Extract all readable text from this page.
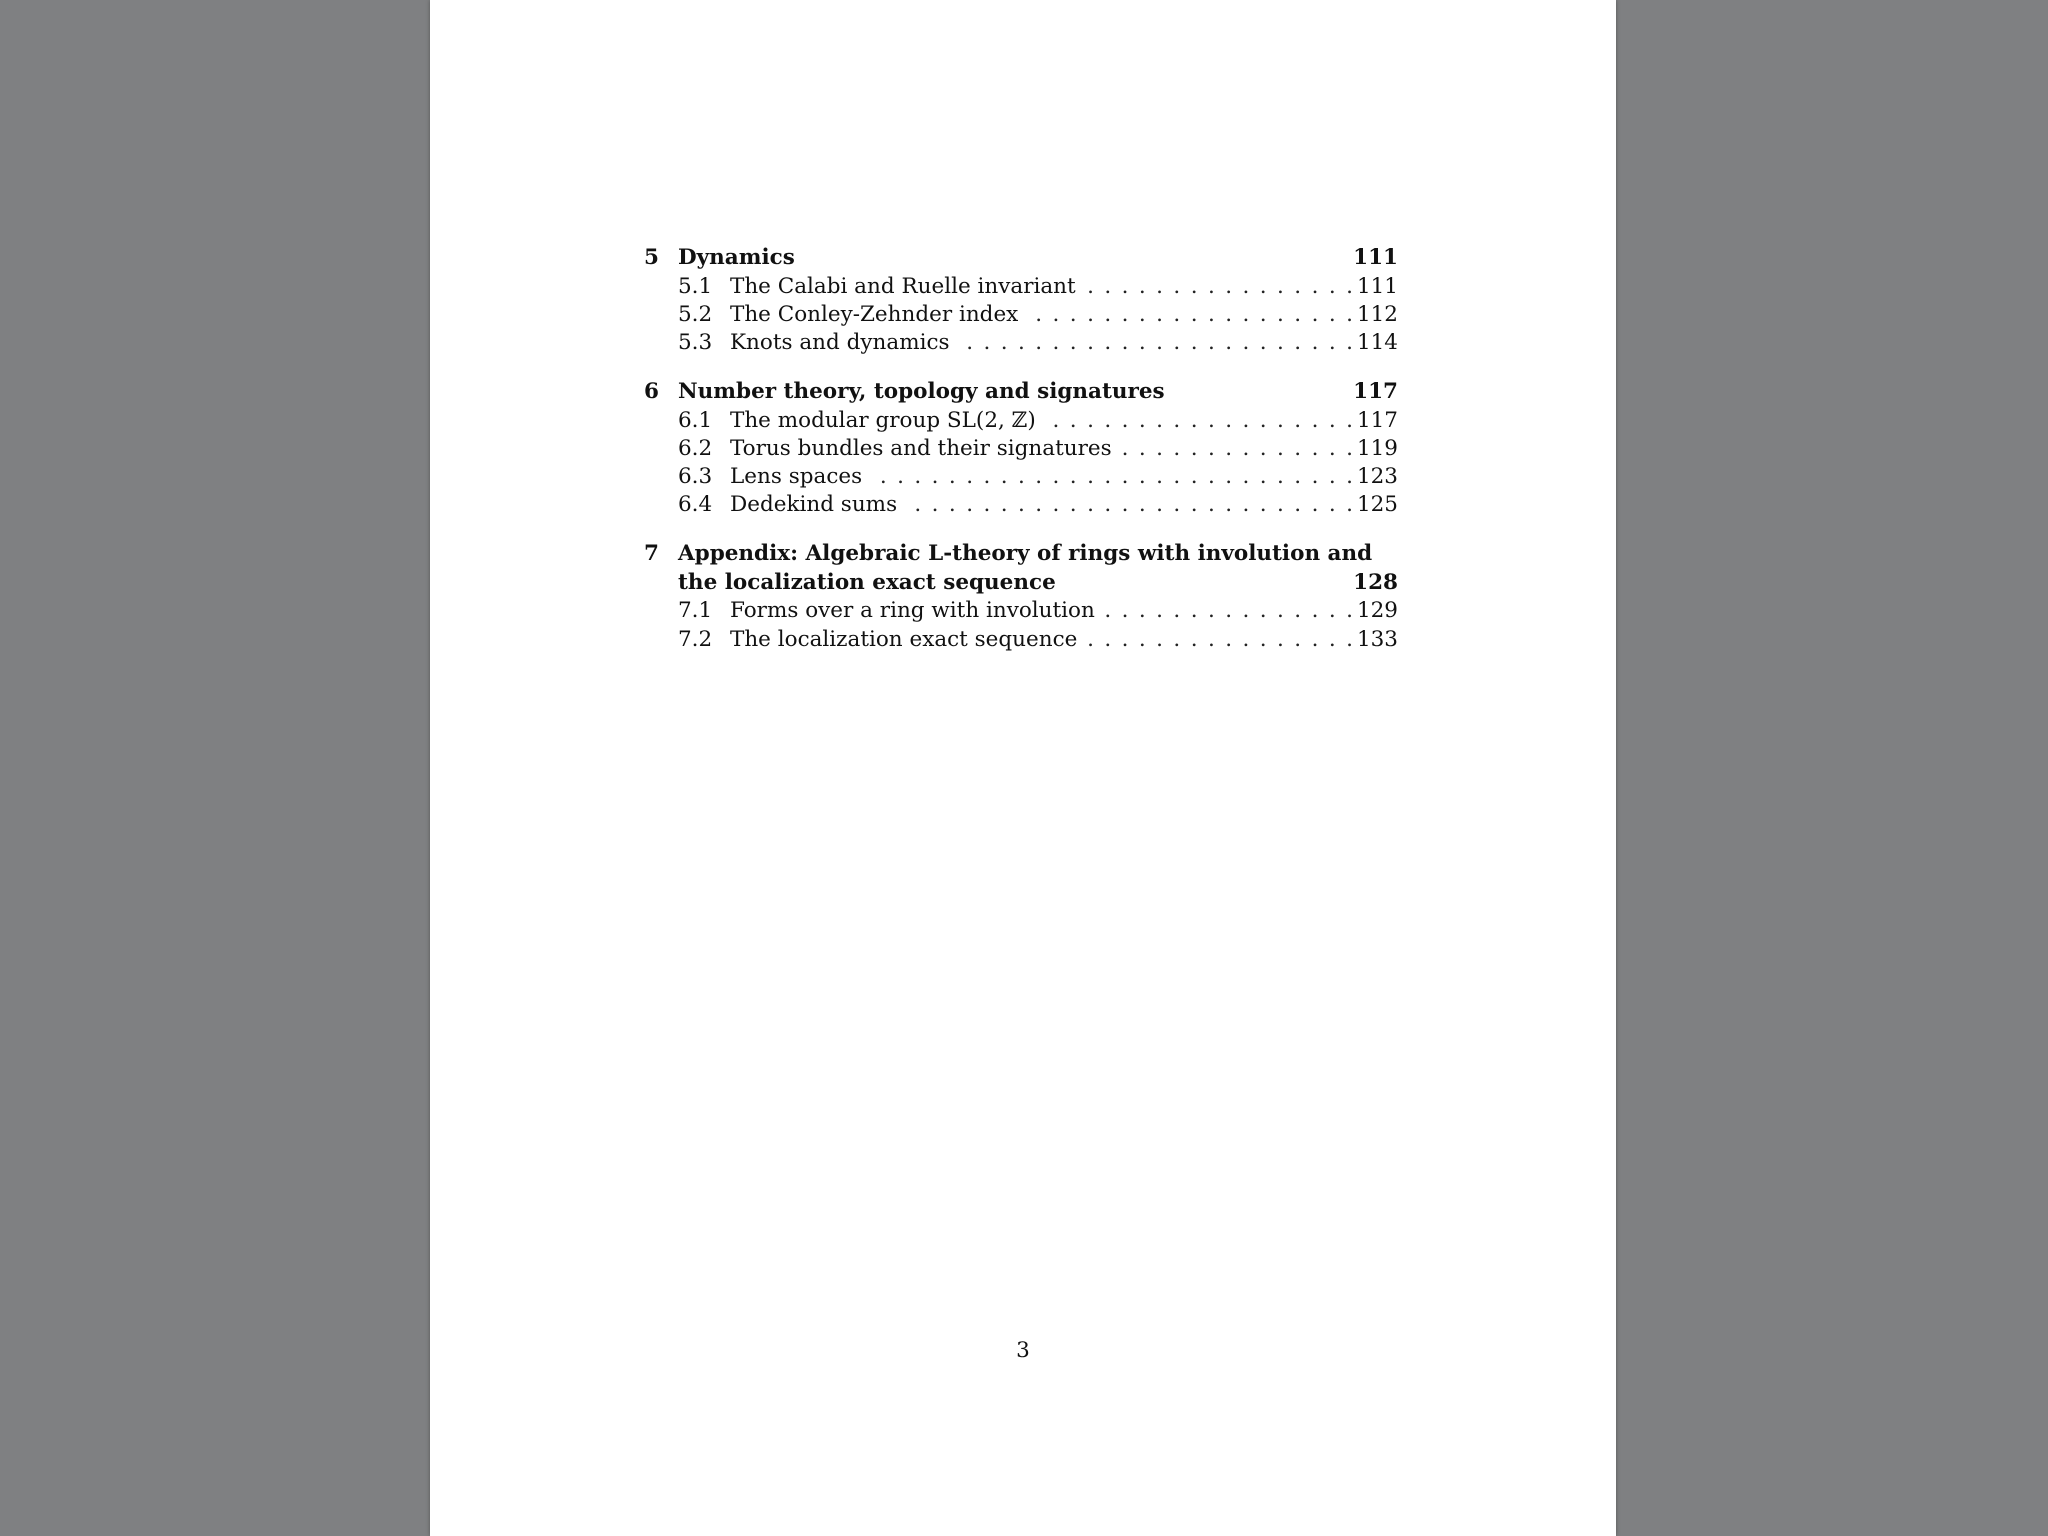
5 Dynamics	111
5.1 The Calabi and Ruelle invariant . . .	111
5.2 The Conley-Zehnder index . . .	112
5.3 Knots and dynamics . . .	114
6 Number theory, topology and signatures	117
6.1 The modular group SL(2, ℤ) . . .	117
6.2 Torus bundles and their signatures . . .	119
6.3 Lens spaces . . .	123
6.4 Dedekind sums . . .	125
7 Appendix: Algebraic L-theory of rings with involution and
the localization exact sequence	128
7.1 Forms over a ring with involution . . .	129
7.2 The localization exact sequence . . .	133
3
